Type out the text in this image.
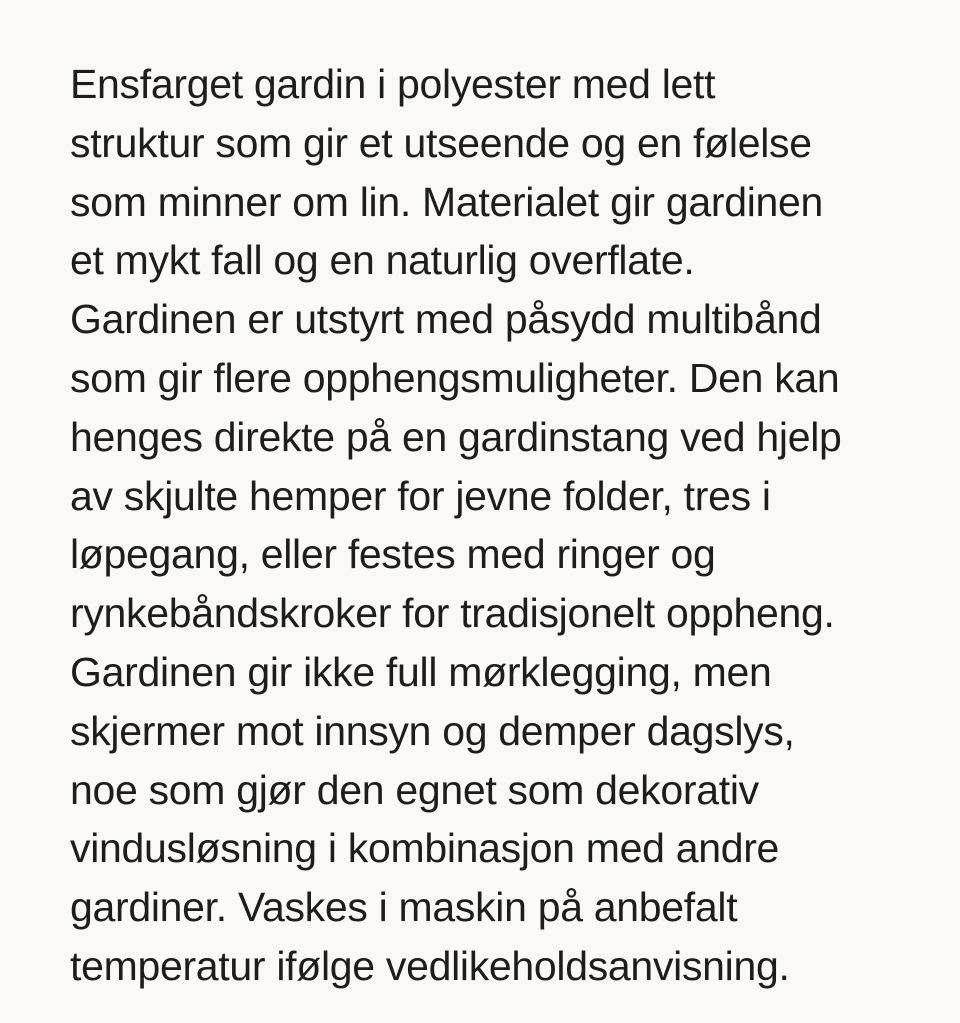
Ensfarget gardin i polyester med lett
struktur som gir et utseende og en følelse
som minner om lin. Materialet gir gardinen
et mykt fall og en naturlig overflate.
Gardinen er utstyrt med påsydd multibånd
som gir flere opphengsmuligheter. Den kan
henges direkte på en gardinstang ved hjelp
av skjulte hemper for jevne folder, tres i
løpegang, eller festes med ringer og
rynkebåndskroker for tradisjonelt oppheng.
Gardinen gir ikke full mørklegging, men
skjermer mot innsyn og demper dagslys,
noe som gjør den egnet som dekorativ
vindusløsning i kombinasjon med andre
gardiner. Vaskes i maskin på anbefalt
temperatur ifølge vedlikeholdsanvisning.
